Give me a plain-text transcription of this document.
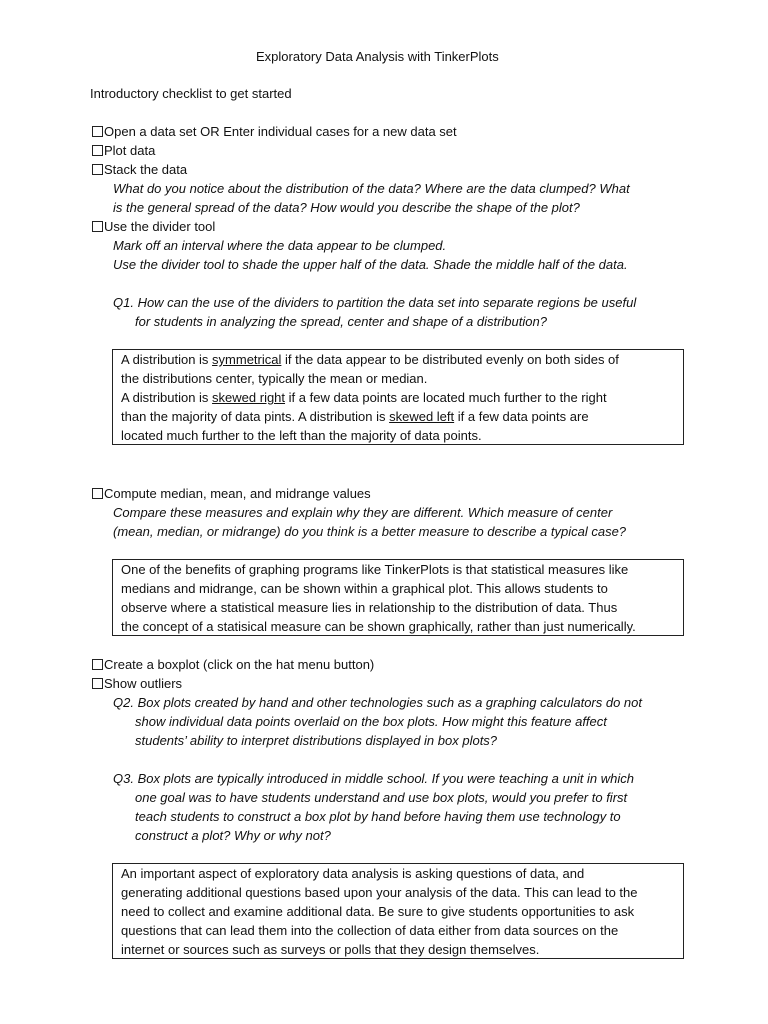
Exploratory Data Analysis with TinkerPlots
Introductory checklist to get started
Open a data set OR Enter individual cases for a new data set
Plot data
Stack the data
What do you notice about the distribution of the data? Where are the data clumped? What
is the general spread of the data? How would you describe the shape of the plot?
Use the divider tool
Mark off an interval where the data appear to be clumped.
Use the divider tool to shade the upper half of the data. Shade the middle half of the data.
Q1. How can the use of the dividers to partition the data set into separate regions be useful
for students in analyzing the spread, center and shape of a distribution?
A distribution is symmetrical if the data appear to be distributed evenly on both sides of
the distributions center, typically the mean or median.
A distribution is skewed right if a few data points are located much further to the right
than the majority of data pints. A distribution is skewed left if a few data points are
located much further to the left than the majority of data points.
Compute median, mean, and midrange values
Compare these measures and explain why they are different. Which measure of center
(mean, median, or midrange) do you think is a better measure to describe a typical case?
One of the benefits of graphing programs like TinkerPlots is that statistical measures like
medians and midrange, can be shown within a graphical plot. This allows students to
observe where a statistical measure lies in relationship to the distribution of data. Thus
the concept of a statisical measure can be shown graphically, rather than just numerically.
Create a boxplot (click on the hat menu button)
Show outliers
Q2. Box plots created by hand and other technologies such as a graphing calculators do not
show individual data points overlaid on the box plots. How might this feature affect
students’ ability to interpret distributions displayed in box plots?
Q3. Box plots are typically introduced in middle school. If you were teaching a unit in which
one goal was to have students understand and use box plots, would you prefer to first
teach students to construct a box plot by hand before having them use technology to
construct a plot? Why or why not?
An important aspect of exploratory data analysis is asking questions of data, and
generating additional questions based upon your analysis of the data. This can lead to the
need to collect and examine additional data. Be sure to give students opportunities to ask
questions that can lead them into the collection of data either from data sources on the
internet or sources such as surveys or polls that they design themselves.
